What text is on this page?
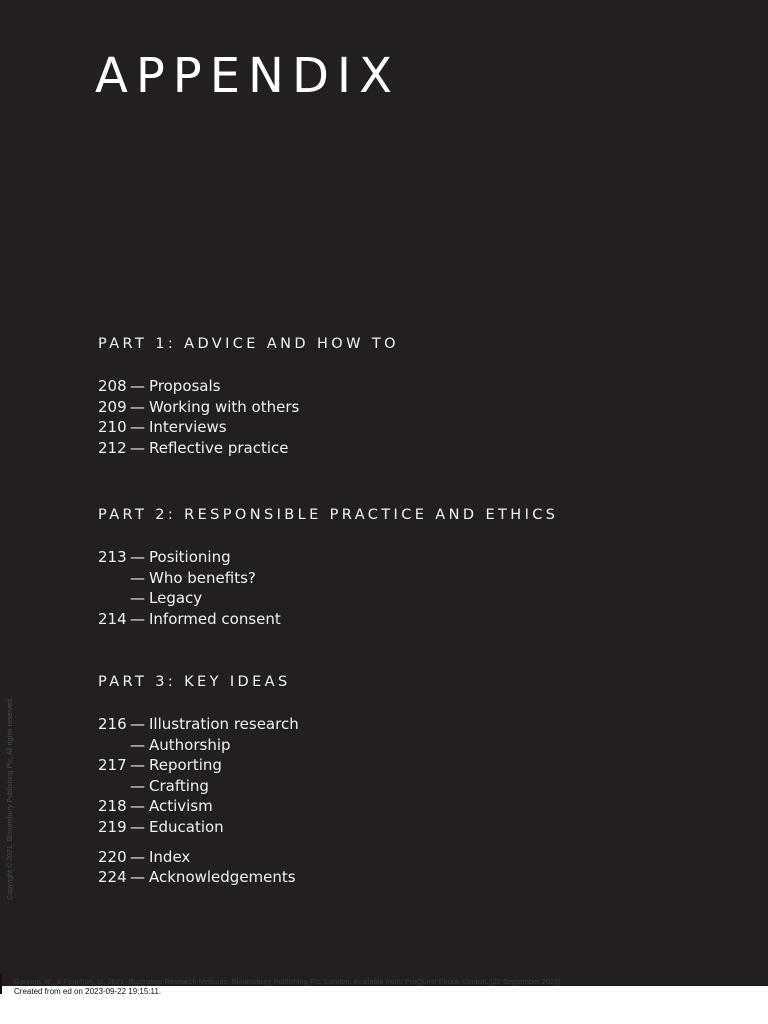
APPENDIX
PART 1: ADVICE AND HOW TO
208 — Proposals
209 — Working with others
210 — Interviews
212 — Reflective practice
PART 2: RESPONSIBLE PRACTICE AND ETHICS
213 — Positioning
— Who benefits?
— Legacy
214 — Informed consent
PART 3: KEY IDEAS
216 — Illustration research
— Authorship
217 — Reporting
— Crafting
218 — Activism
219 — Education
220 — Index
224 — Acknowledgements
Copyright © 2021. Bloomsbury Publishing Plc. All rights reserved.
Gannon, R., & Fauchon, M. 2021. Illustration Research Methods. Bloomsbury Publishing Plc. London. Available from: ProQuest Ebook Central. [22 September 2023].
Created from ed on 2023-09-22 19:15:11.
